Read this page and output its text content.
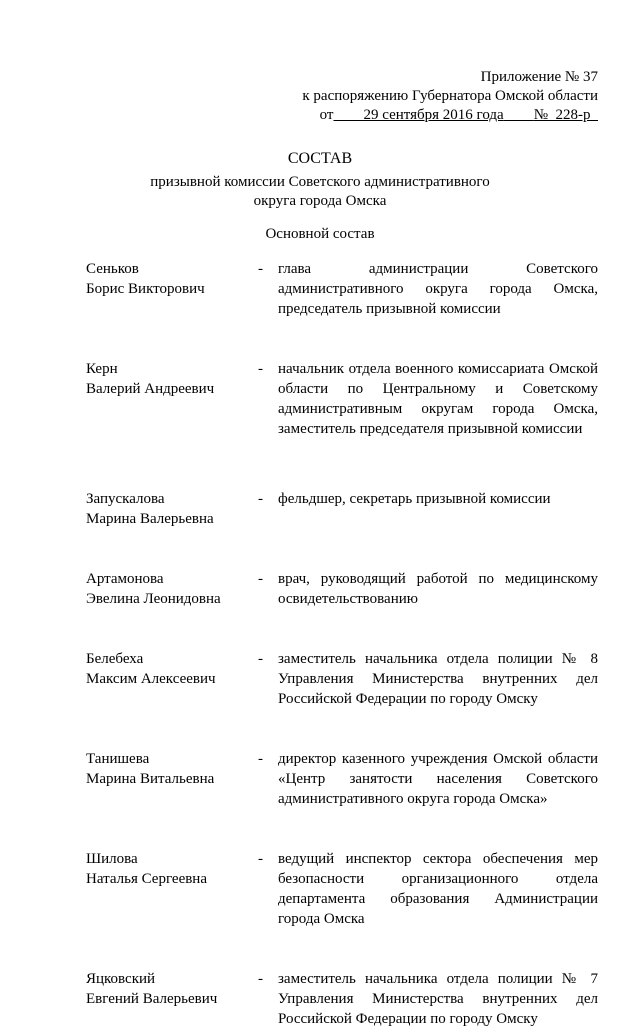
Приложение № 37
к распоряжению Губернатора Омской области
от	29 сентября 2016 года	№ 228-р
СОСТАВ
призывной комиссии Советского административного
округа города Омска
Основной состав
Сеньков
Борис Викторович
-	глава администрации Советского административного округа города Омска, председатель призывной комиссии
Керн
Валерий Андреевич
-	начальник отдела военного комиссариата Омской области по Центральному и Советскому административным округам города Омска, заместитель председателя призывной комиссии
Запускалова
Марина Валерьевна
-	фельдшер, секретарь призывной комиссии
Артамонова
Эвелина Леонидовна
-	врач, руководящий работой по медицинскому освидетельствованию
Белебеха
Максим Алексеевич
-	заместитель начальника отдела полиции № 8 Управления Министерства внутренних дел Российской Федерации по городу Омску
Танишева
Марина Витальевна
-	директор казенного учреждения Омской области «Центр занятости населения Советского административного округа города Омска»
Шилова
Наталья Сергеевна
-	ведущий инспектор сектора обеспечения мер безопасности организационного отдела департамента образования Администрации города Омска
Яцковский
Евгений Валерьевич
-	заместитель начальника отдела полиции № 7 Управления Министерства внутренних дел Российской Федерации по городу Омску
